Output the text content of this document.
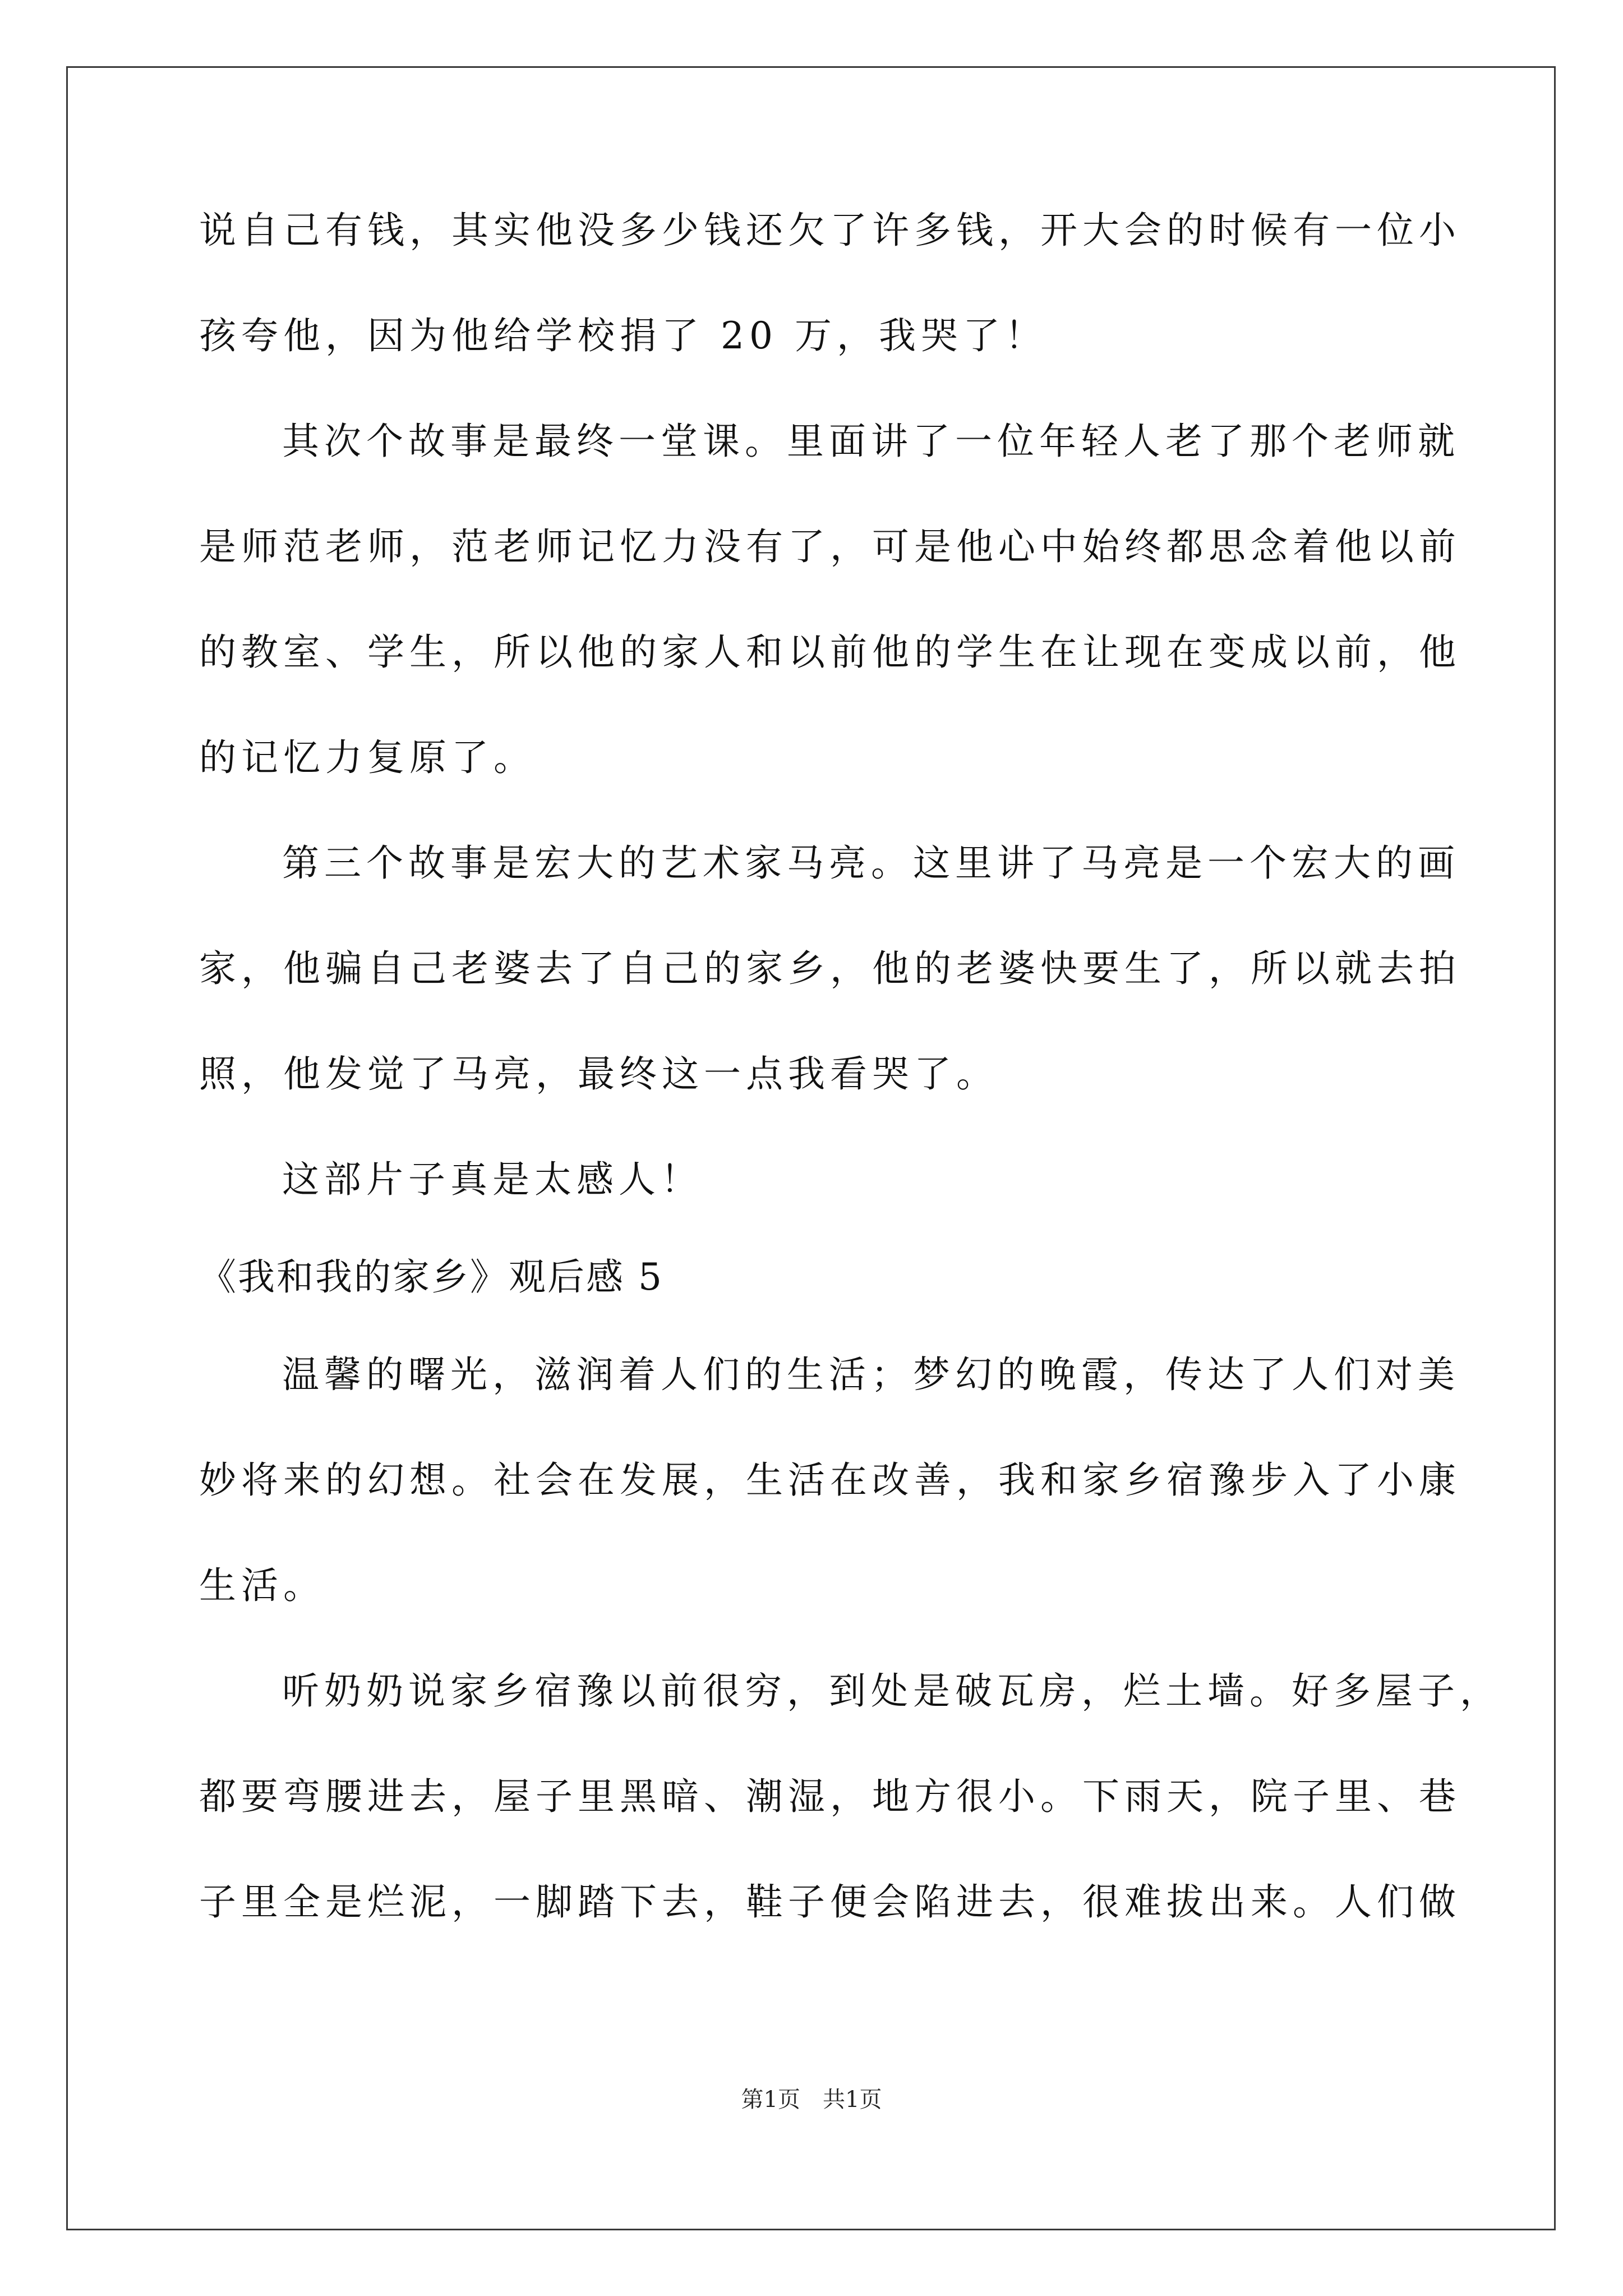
说自己有钱，其实他没多少钱还欠了许多钱，开大会的时候有一位小
孩夸他，因为他给学校捐了 20 万，我哭了！
其次个故事是最终一堂课。里面讲了一位年轻人老了那个老师就
是师范老师，范老师记忆力没有了，可是他心中始终都思念着他以前
的教室、学生，所以他的家人和以前他的学生在让现在变成以前，他
的记忆力复原了。
第三个故事是宏大的艺术家马亮。这里讲了马亮是一个宏大的画
家，他骗自己老婆去了自己的家乡，他的老婆快要生了，所以就去拍
照，他发觉了马亮，最终这一点我看哭了。
这部片子真是太感人！
《我和我的家乡》观后感 5
温馨的曙光，滋润着人们的生活；梦幻的晚霞，传达了人们对美
妙将来的幻想。社会在发展，生活在改善，我和家乡宿豫步入了小康
生活。
听奶奶说家乡宿豫以前很穷，到处是破瓦房，烂土墙。好多屋子，
都要弯腰进去，屋子里黑暗、潮湿，地方很小。下雨天，院子里、巷
子里全是烂泥，一脚踏下去，鞋子便会陷进去，很难拔出来。人们做
第1页 共1页
